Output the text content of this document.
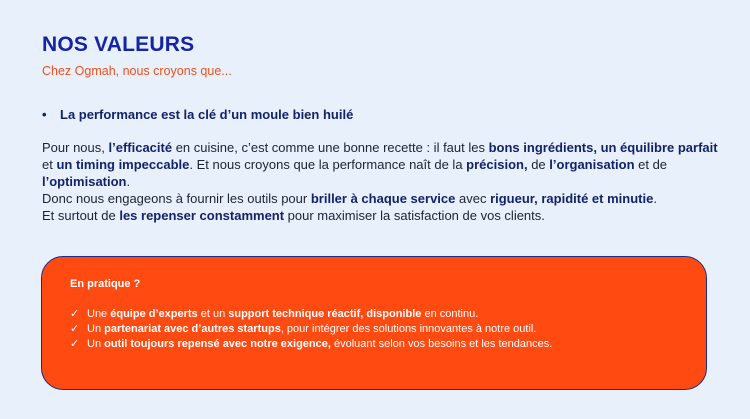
NOS VALEURS
Chez Ogmah, nous croyons que...
• La performance est la clé d’un moule bien huilé
Pour nous, l’efficacité en cuisine, c’est comme une bonne recette : il faut les bons ingrédients, un équilibre parfait et un timing impeccable. Et nous croyons que la performance naît de la précision, de l’organisation et de l’optimisation.
Donc nous engageons à fournir les outils pour briller à chaque service avec rigueur, rapidité et minutie.
Et surtout de les repenser constamment pour maximiser la satisfaction de vos clients.
En pratique ?
✓ Une équipe d’experts et un support technique réactif, disponible en continu.
✓ Un partenariat avec d’autres startups, pour intégrer des solutions innovantes à notre outil.
✓ Un outil toujours repensé avec notre exigence, évoluant selon vos besoins et les tendances.
